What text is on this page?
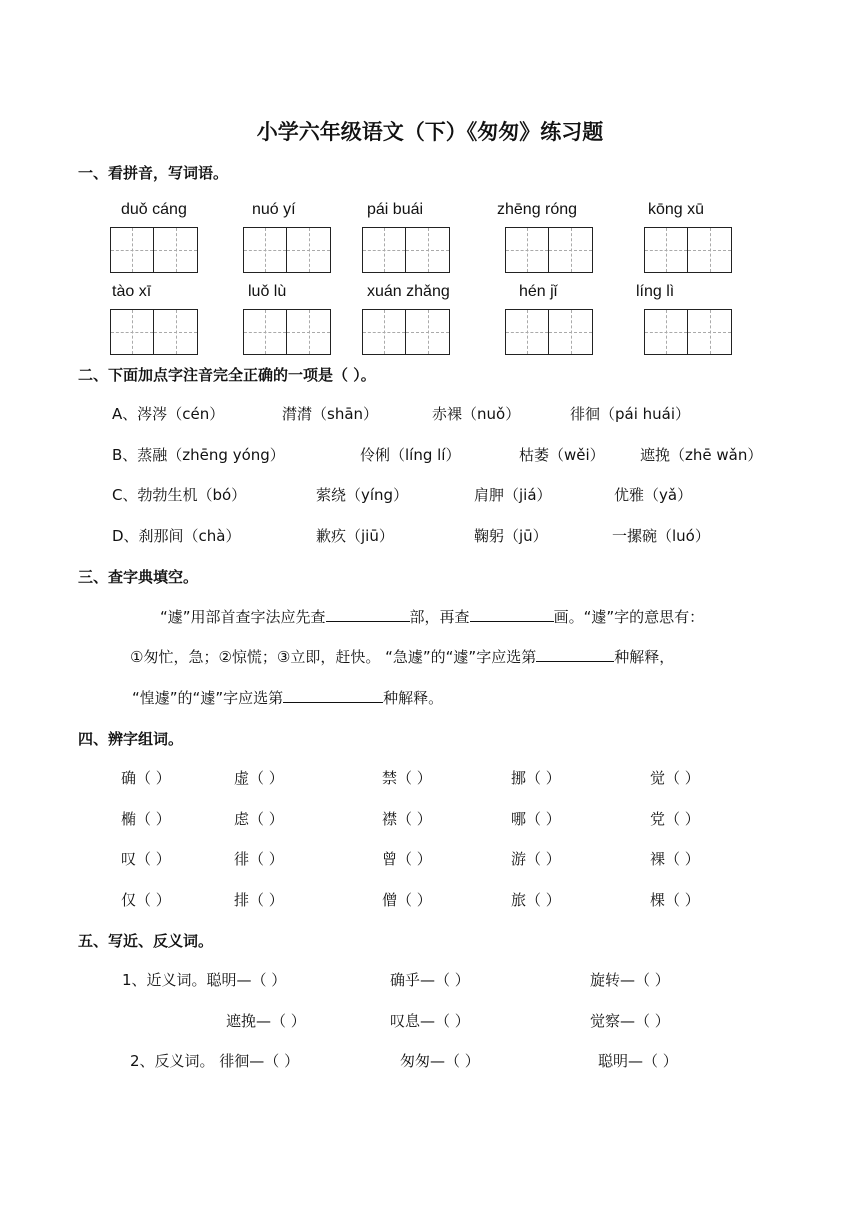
小学六年级语文（下）《匆匆》练习题
一、看拼音，写词语。
duǒ cáng	nuó yí	pái buái	zhēng róng	kōng xū
tào xī	luǒ lù	xuán zhǎng	hén jǐ	líng lì
二、下面加点字注音完全正确的一项是（ ）。
A、涔涔（cén）	潸潸（shān）	赤裸（nuǒ）	徘徊（pái huái）
B、蒸融（zhēng yóng）	伶俐（líng lí）	枯萎（wěi） 遮挽（zhē wǎn）
C、勃勃生机（bó）	萦绕（yíng）	肩胛（jiá）	优雅（yǎ）
D、刹那间（chà）	歉疚（jiū）	鞠躬（jū）	一摞碗（luó）
三、查字典填空。
“遽”用部首查字法应先查	部，再查	画。“遽”字的意思有：
①匆忙，急；②惊慌；③立即，赶快。 “急遽”的“遽”字应选第	种解释，
“惶遽”的“遽”字应选第	种解释。
四、辨字组词。
确（ ）	虚（ ）	禁（ ）	挪（ ）	觉（ ）
椭（ ）	虑（ ）	襟（ ）	哪（ ）	党（ ）
叹（ ）	徘（ ）	曾（ ）	游（ ）	裸（ ）
仅（ ）	排（ ）	僧（ ）	旅（ ）	棵（ ）
五、写近、反义词。
1、近义词。聪明—（ ）	确乎—（ ）	旋转—（ ）
遮挽—（ ）	叹息—（ ）	觉察—（ ）
2、反义词。 徘徊—（ ）	匆匆—（ ）	聪明—（ ）
